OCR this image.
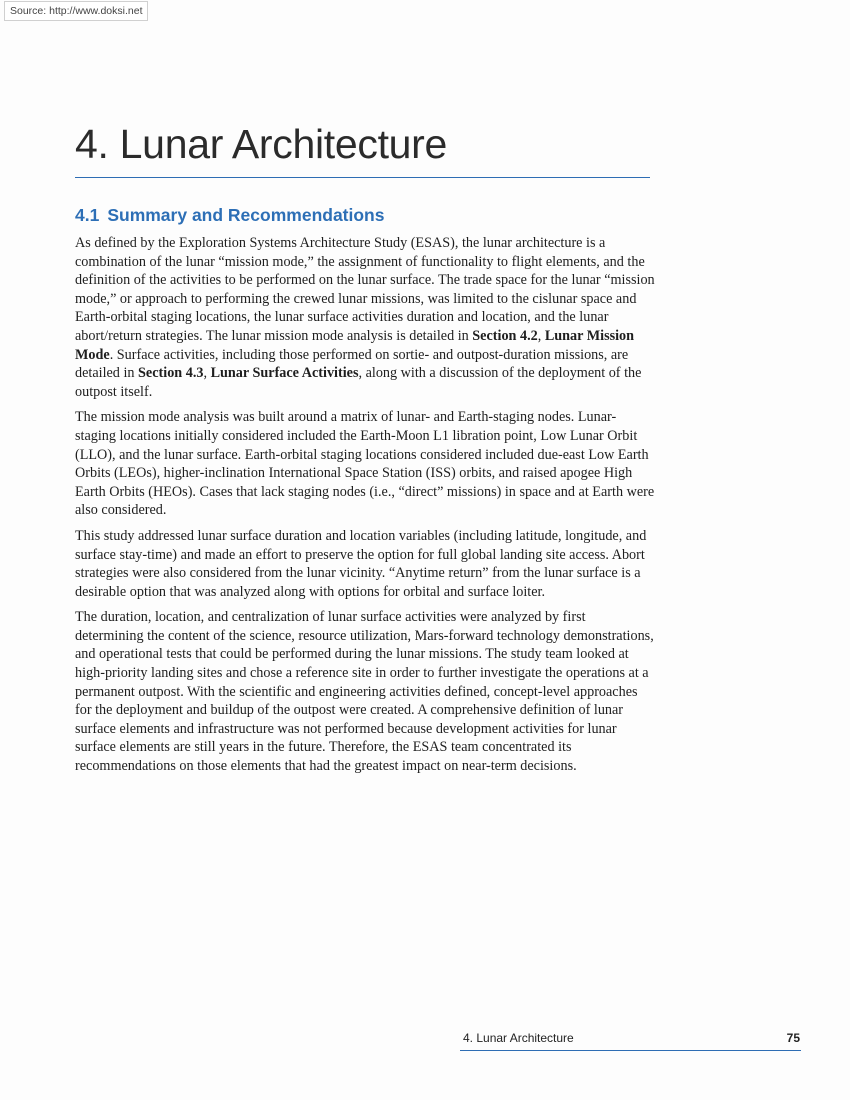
Source: http://www.doksi.net
4. Lunar Architecture
4.1 Summary and Recommendations

As defined by the Exploration Systems Architecture Study (ESAS), the lunar architecture is a combination of the lunar “mission mode,” the assignment of functionality to flight elements, and the definition of the activities to be performed on the lunar surface. The trade space for the lunar “mission mode,” or approach to performing the crewed lunar missions, was limited to the cislunar space and Earth-orbital staging locations, the lunar surface activities duration and location, and the lunar abort/return strategies. The lunar mission mode analysis is detailed in Section 4.2, Lunar Mission Mode. Surface activities, including those performed on sortie- and outpost-duration missions, are detailed in Section 4.3, Lunar Surface Activities, along with a discussion of the deployment of the outpost itself.

The mission mode analysis was built around a matrix of lunar- and Earth-staging nodes. Lunar-staging locations initially considered included the Earth-Moon L1 libration point, Low Lunar Orbit (LLO), and the lunar surface. Earth-orbital staging locations considered included due-east Low Earth Orbits (LEOs), higher-inclination International Space Station (ISS) orbits, and raised apogee High Earth Orbits (HEOs). Cases that lack staging nodes (i.e., “direct” missions) in space and at Earth were also considered.

This study addressed lunar surface duration and location variables (including latitude, longitude, and surface stay-time) and made an effort to preserve the option for full global landing site access. Abort strategies were also considered from the lunar vicinity. “Anytime return” from the lunar surface is a desirable option that was analyzed along with options for orbital and surface loiter.

The duration, location, and centralization of lunar surface activities were analyzed by first determining the content of the science, resource utilization, Mars-forward technology demonstrations, and operational tests that could be performed during the lunar missions. The study team looked at high-priority landing sites and chose a reference site in order to further investigate the operations at a permanent outpost. With the scientific and engineering activities defined, concept-level approaches for the deployment and buildup of the outpost were created. A comprehensive definition of lunar surface elements and infrastructure was not performed because development activities for lunar surface elements are still years in the future. Therefore, the ESAS team concentrated its recommendations on those elements that had the greatest impact on near-term decisions.

4. Lunar Architecture	75
